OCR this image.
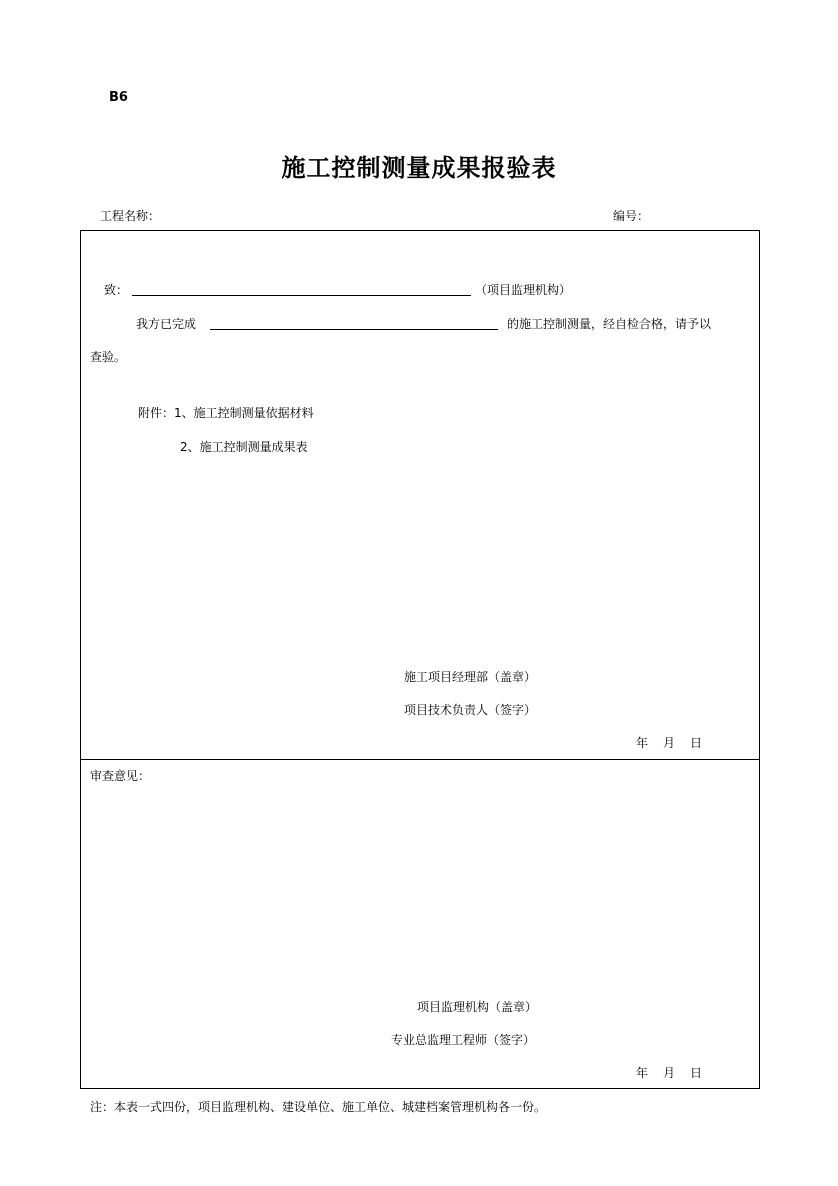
B6
施工控制测量成果报验表
工程名称：	编号：
致：	（项目监理机构）
我方已完成	的施工控制测量，经自检合格，请予以
查验。
附件：1、施工控制测量依据材料
2、施工控制测量成果表
施工项目经理部（盖章）
项目技术负责人（签字）
年 月 日
审查意见：
项目监理机构（盖章）
专业总监理工程师（签字）
年 月 日
注：本表一式四份，项目监理机构、建设单位、施工单位、城建档案管理机构各一份。
